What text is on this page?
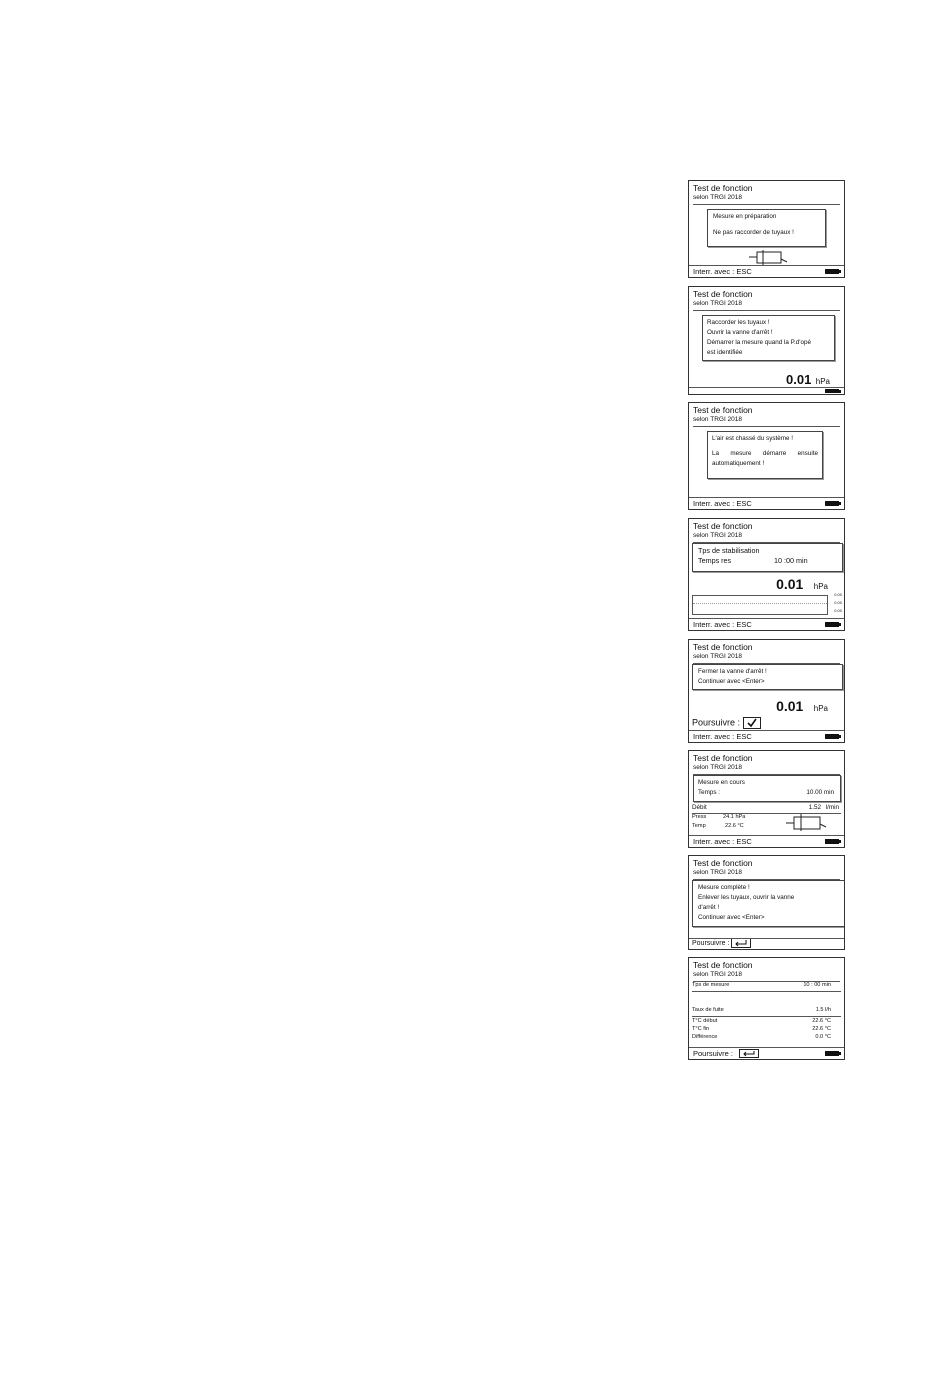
Test de fonction
selon TRGI 2018
Mesure en préparation
Ne pas raccorder de tuyaux !
Interr. avec : ESC
Test de fonction
selon TRGI 2018
Raccorder les tuyaux !
Ouvrir la vanne d'arrêt !
Démarrer la mesure quand la P.d'opé
est identifiée
0.01 hPa
Test de fonction
selon TRGI 2018
L'air est chassé du système !
La mesure démarre ensuite
automatiquement !
Interr. avec : ESC
Test de fonction
selon TRGI 2018
Tps de stabilisation
Temps res	10 :00 min
0.01 hPa
0.00
0.00
0.00
Interr. avec : ESC
Test de fonction
selon TRGI 2018
Fermer la vanne d'arrêt !
Continuer avec <Enter>
0.01 hPa
Poursuivre :
Interr. avec : ESC
Test de fonction
selon TRGI 2018
Mesure en cours
Temps :	10.00 min
Débit	1.52 l/min
Press	24.1 hPa
Temp	22.6 °C
Interr. avec : ESC
Test de fonction
selon TRGI 2018
Mesure complète !
Enlever les tuyaux, ouvrir la vanne
d'arrêt !
Continuer avec <Enter>
Poursuivre :
Test de fonction
selon TRGI 2018
Tps de mesure	10 : 00 min
Taux de fuite	1.5 l/h
T°C début	22.6 °C
T°C fin	22.6 °C
Différence	0.0 °C
Poursuivre :
